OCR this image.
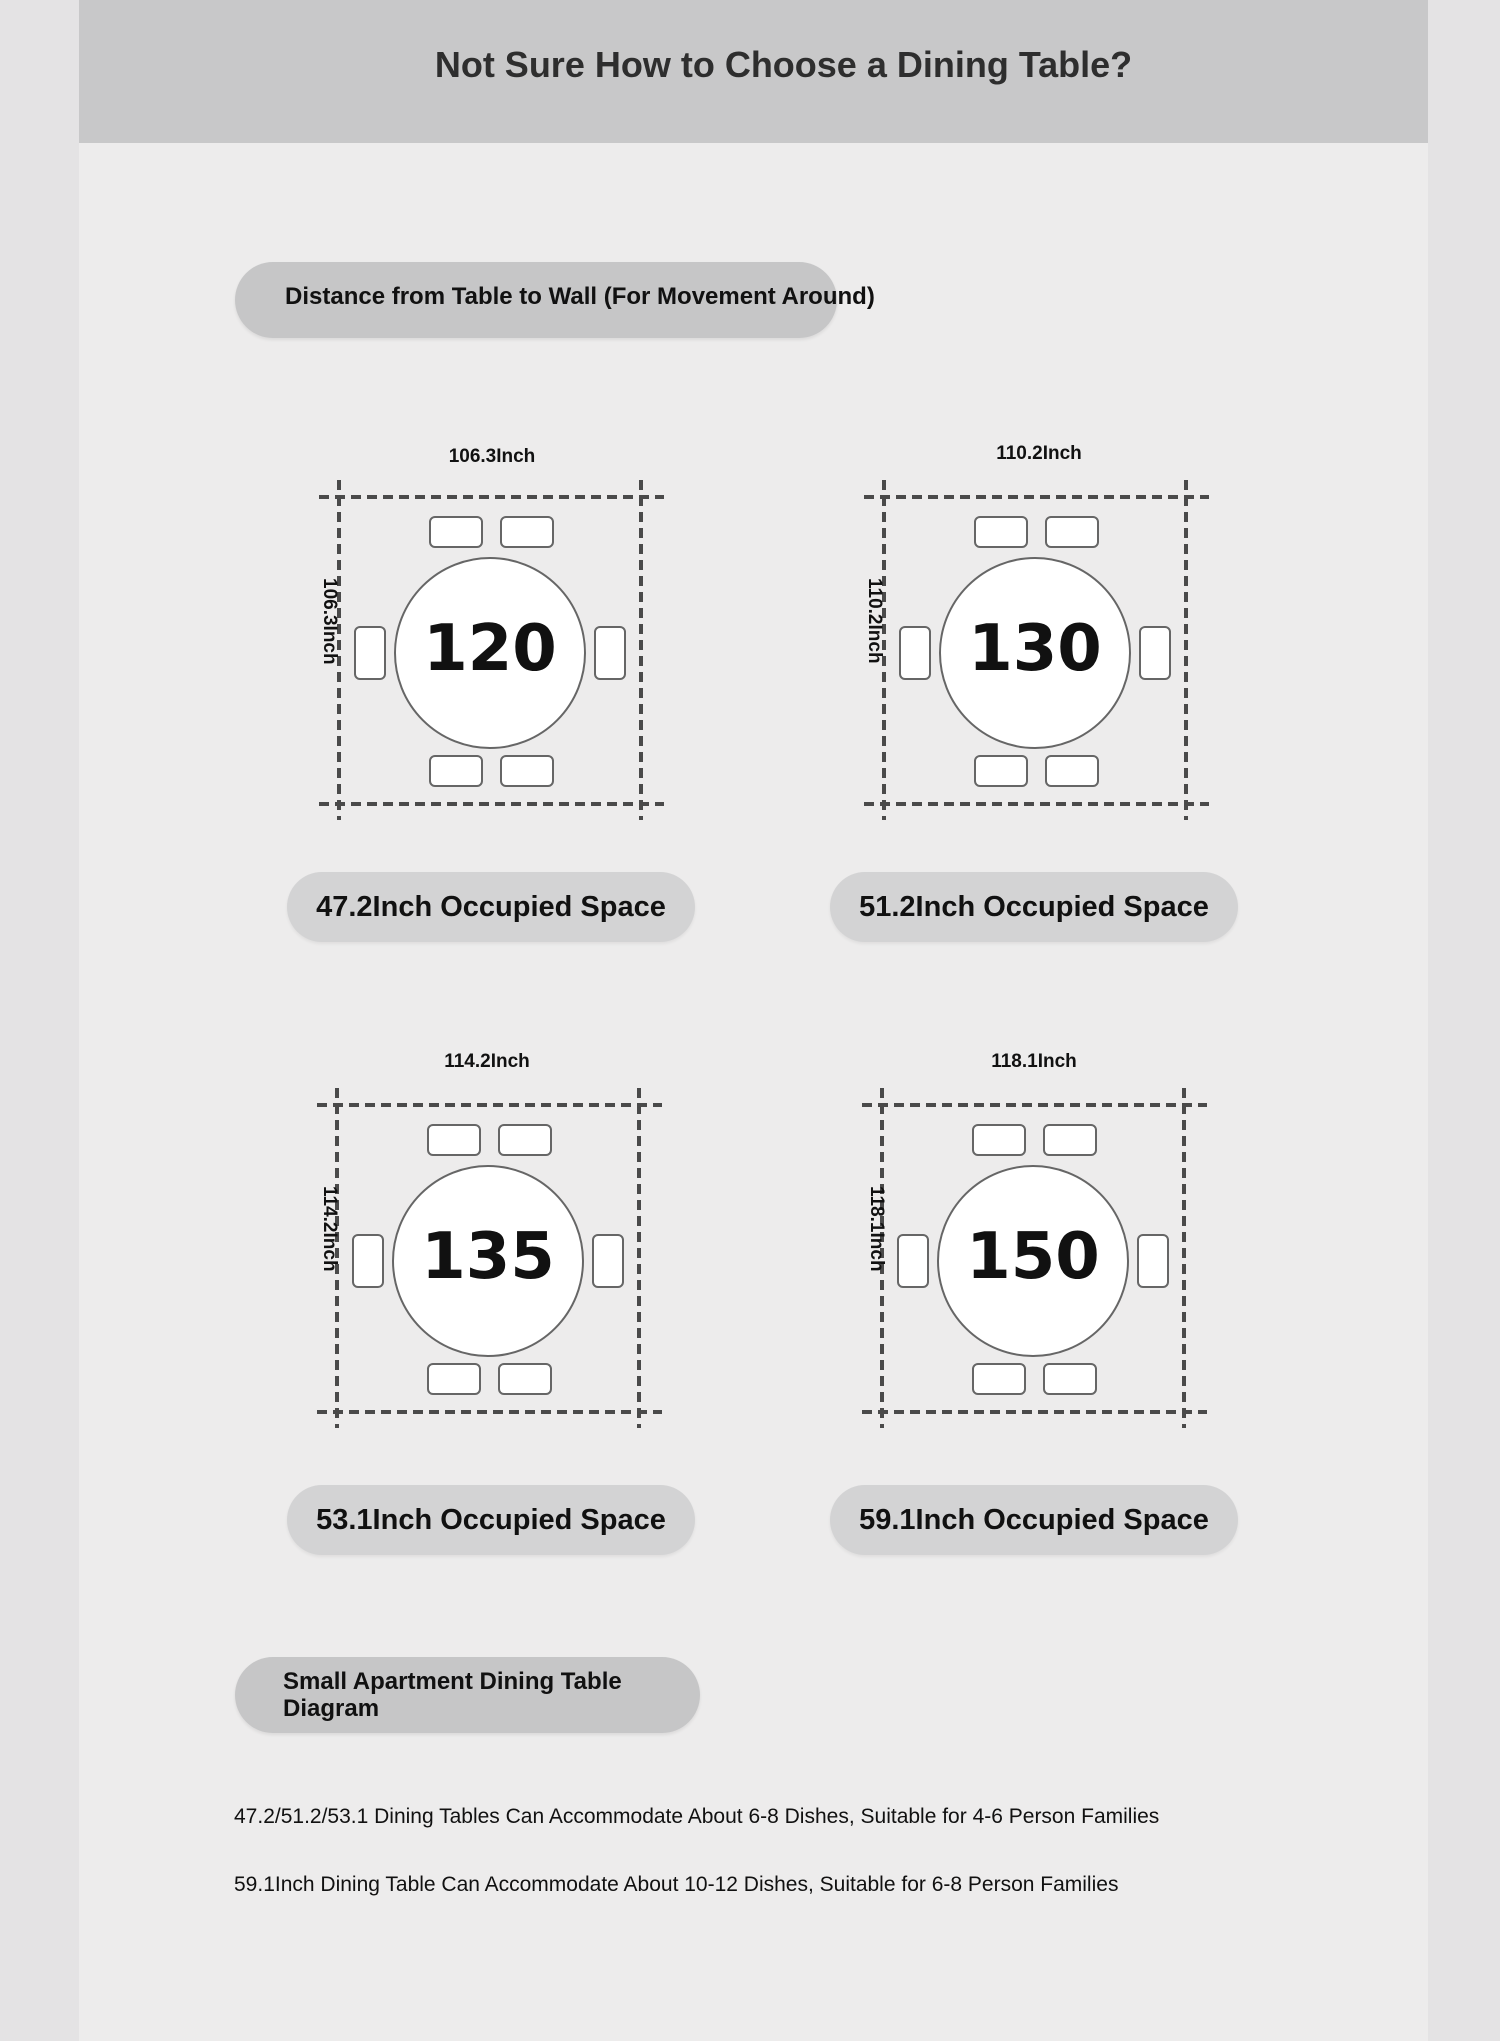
Not Sure How to Choose a Dining Table?
Distance from Table to Wall (For Movement Around)
106.3Inch
106.3Inch	120
47.2Inch Occupied Space
110.2Inch
110.2Inch	130
51.2Inch Occupied Space
114.2Inch
114.2Inch	135
53.1Inch Occupied Space
118.1Inch
118.1Inch	150
59.1Inch Occupied Space
Small Apartment Dining Table Diagram
47.2/51.2/53.1 Dining Tables Can Accommodate About 6-8 Dishes, Suitable for 4-6 Person Families
59.1Inch Dining Table Can Accommodate About 10-12 Dishes, Suitable for 6-8 Person Families
